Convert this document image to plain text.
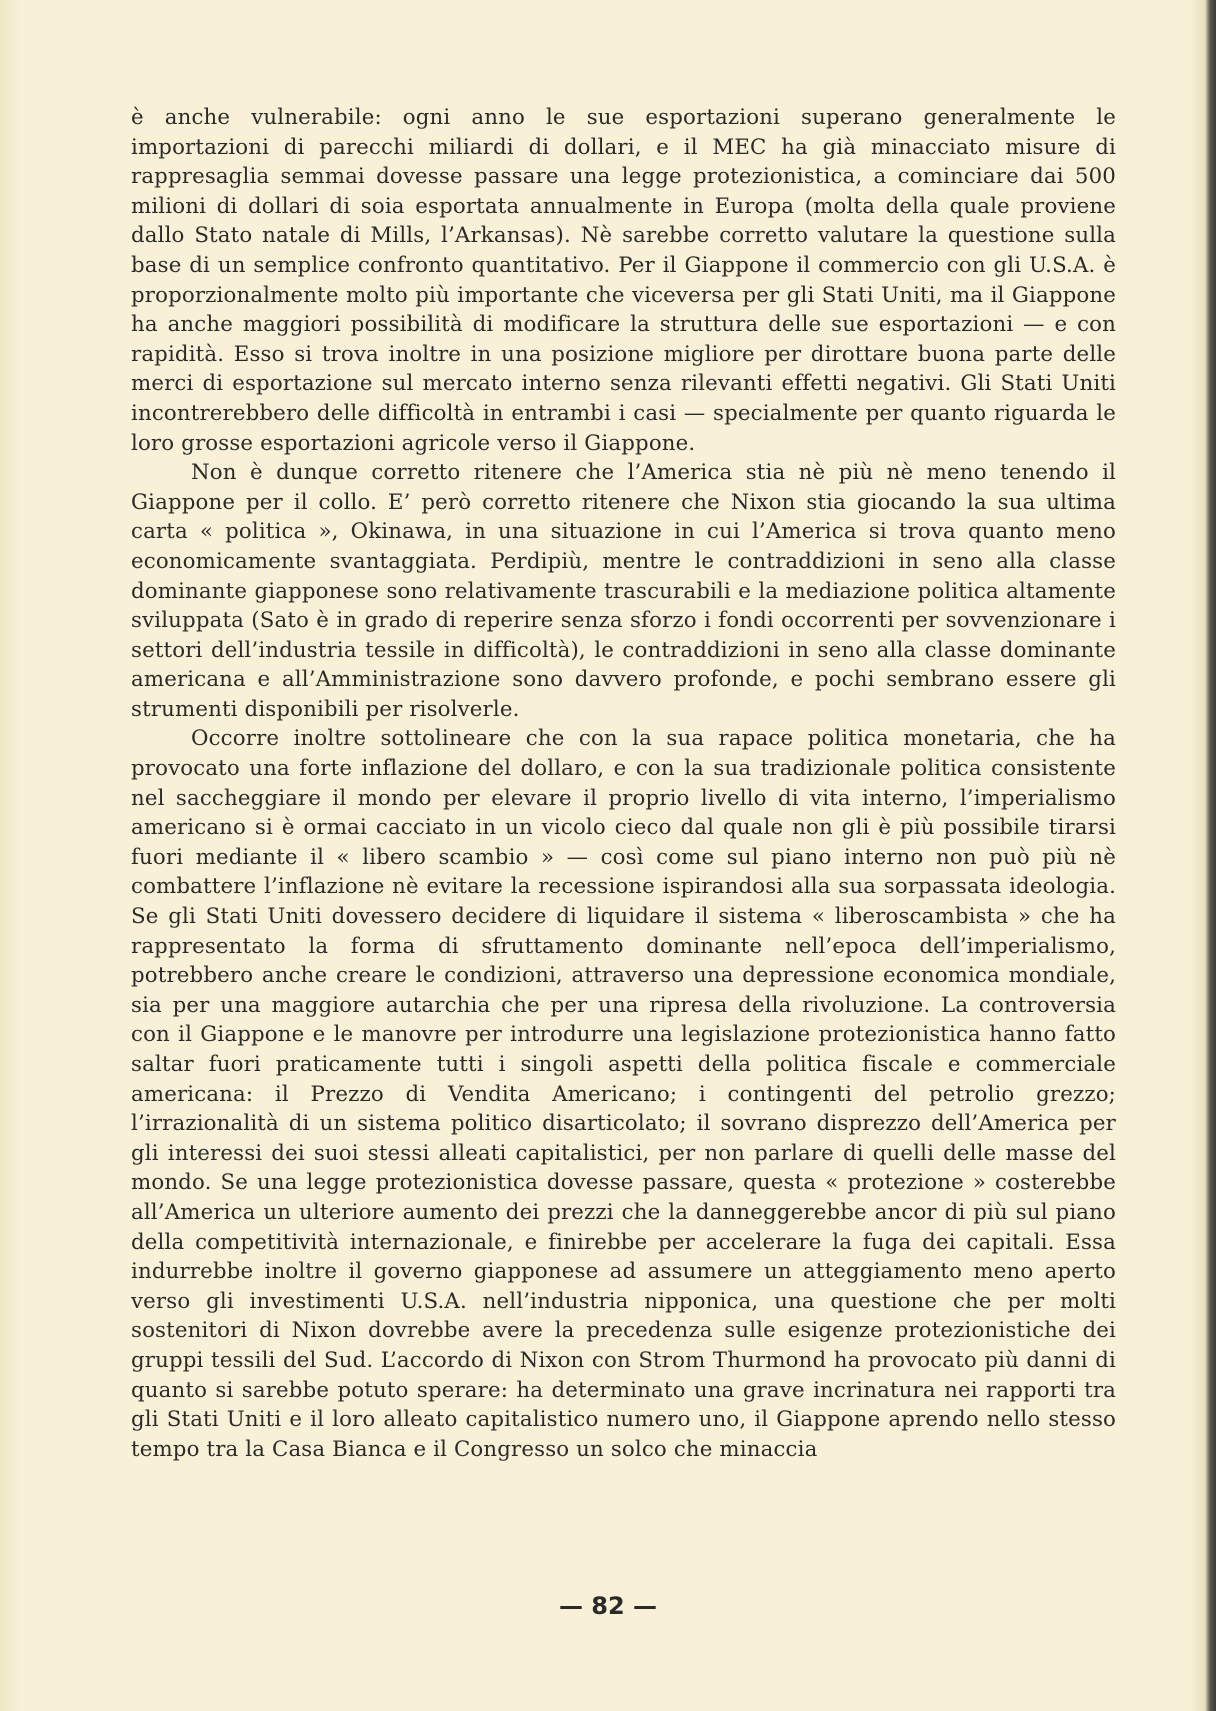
è anche vulnerabile: ogni anno le sue esportazioni superano generalmente le importazioni di parecchi miliardi di dollari, e il MEC ha già minacciato misure di rappresaglia semmai dovesse passare una legge protezionistica, a cominciare dai 500 milioni di dollari di soia esportata annualmente in Europa (molta della quale proviene dallo Stato natale di Mills, l’Arkansas). Nè sarebbe corretto valutare la questione sulla base di un semplice confronto quantitativo. Per il Giappone il commercio con gli U.S.A. è proporzionalmente molto più importante che viceversa per gli Stati Uniti, ma il Giappone ha anche maggiori possibilità di modificare la struttura delle sue esportazioni — e con rapidità. Esso si trova inoltre in una posizione migliore per dirottare buona parte delle merci di esportazione sul mercato interno senza rilevanti effetti negativi. Gli Stati Uniti incontrerebbero delle difficoltà in entrambi i casi — specialmente per quanto riguarda le loro grosse esportazioni agricole verso il Giappone.

Non è dunque corretto ritenere che l’America stia nè più nè meno tenendo il Giappone per il collo. E’ però corretto ritenere che Nixon stia giocando la sua ultima carta « politica », Okinawa, in una situazione in cui l’America si trova quanto meno economicamente svantaggiata. Perdipiù, mentre le contraddizioni in seno alla classe dominante giapponese sono relativamente trascurabili e la mediazione politica altamente sviluppata (Sato è in grado di reperire senza sforzo i fondi occorrenti per sovvenzionare i settori dell’industria tessile in difficoltà), le contraddizioni in seno alla classe dominante americana e all’Amministrazione sono davvero profonde, e pochi sembrano essere gli strumenti disponibili per risolverle.

Occorre inoltre sottolineare che con la sua rapace politica monetaria, che ha provocato una forte inflazione del dollaro, e con la sua tradizionale politica consistente nel saccheggiare il mondo per elevare il proprio livello di vita interno, l’imperialismo americano si è ormai cacciato in un vicolo cieco dal quale non gli è più possibile tirarsi fuori mediante il « libero scambio » — così come sul piano interno non può più nè combattere l’inflazione nè evitare la recessione ispirandosi alla sua sorpassata ideologia. Se gli Stati Uniti dovessero decidere di liquidare il sistema « liberoscambista » che ha rappresentato la forma di sfruttamento dominante nell’epoca dell’imperialismo, potrebbero anche creare le condizioni, attraverso una depressione economica mondiale, sia per una maggiore autarchia che per una ripresa della rivoluzione. La controversia con il Giappone e le manovre per introdurre una legislazione protezionistica hanno fatto saltar fuori praticamente tutti i singoli aspetti della politica fiscale e commerciale americana: il Prezzo di Vendita Americano; i contingenti del petrolio grezzo; l’irrazionalità di un sistema politico disarticolato; il sovrano disprezzo dell’America per gli interessi dei suoi stessi alleati capitalistici, per non parlare di quelli delle masse del mondo. Se una legge protezionistica dovesse passare, questa « protezione » costerebbe all’America un ulteriore aumento dei prezzi che la danneggerebbe ancor di più sul piano della competitività internazionale, e finirebbe per accelerare la fuga dei capitali. Essa indurrebbe inoltre il governo giapponese ad assumere un atteggiamento meno aperto verso gli investimenti U.S.A. nell’industria nipponica, una questione che per molti sostenitori di Nixon dovrebbe avere la precedenza sulle esigenze protezionistiche dei gruppi tessili del Sud. L’accordo di Nixon con Strom Thurmond ha provocato più danni di quanto si sarebbe potuto sperare: ha determinato una grave incrinatura nei rapporti tra gli Stati Uniti e il loro alleato capitalistico numero uno, il Giappone aprendo nello stesso tempo tra la Casa Bianca e il Congresso un solco che minaccia

— 82 —
